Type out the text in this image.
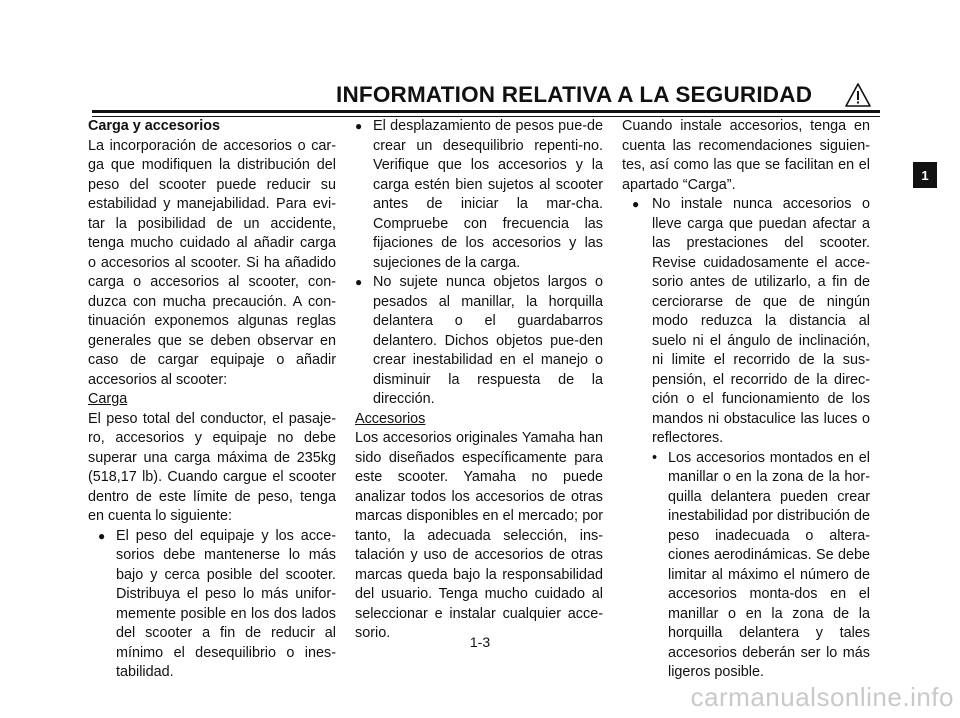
INFORMATION RELATIVA A LA SEGURIDAD
1

Carga y accesorios

La incorporación de accesorios o car-ga que modifiquen la distribución del peso del scooter puede reducir su estabilidad y manejabilidad. Para evi-tar la posibilidad de un accidente, tenga mucho cuidado al añadir carga o accesorios al scooter. Si ha añadido carga o accesorios al scooter, con-duzca con mucha precaución. A con-tinuación exponemos algunas reglas generales que se deben observar en caso de cargar equipaje o añadir accesorios al scooter:

Carga

El peso total del conductor, el pasaje-ro, accesorios y equipaje no debe superar una carga máxima de 235kg (518,17 lb). Cuando cargue el scooter dentro de este límite de peso, tenga en cuenta lo siguiente:

● El peso del equipaje y los acce-sorios debe mantenerse lo más bajo y cerca posible del scooter. Distribuya el peso lo más unifor-memente posible en los dos lados del scooter a fin de reducir al mínimo el desequilibrio o ines-tabilidad.
● El desplazamiento de pesos pue-de crear un desequilibrio repenti-no. Verifique que los accesorios y la carga estén bien sujetos al scooter antes de iniciar la mar-cha. Compruebe con frecuencia las fijaciones de los accesorios y las sujeciones de la carga.
● No sujete nunca objetos largos o pesados al manillar, la horquilla delantera o el guardabarros delantero. Dichos objetos pue-den crear inestabilidad en el manejo o disminuir la respuesta de la dirección.

Accesorios

Los accesorios originales Yamaha han sido diseñados específicamente para este scooter. Yamaha no puede analizar todos los accesorios de otras marcas disponibles en el mercado; por tanto, la adecuada selección, ins-talación y uso de accesorios de otras marcas queda bajo la responsabilidad del usuario. Tenga mucho cuidado al seleccionar e instalar cualquier acce-sorio.

Cuando instale accesorios, tenga en cuenta las recomendaciones siguien-tes, así como las que se facilitan en el apartado “Carga”.

● No instale nunca accesorios o lleve carga que puedan afectar a las prestaciones del scooter. Revise cuidadosamente el acce-sorio antes de utilizarlo, a fin de cerciorarse de que de ningún modo reduzca la distancia al suelo ni el ángulo de inclinación, ni limite el recorrido de la sus-pensión, el recorrido de la direc-ción o el funcionamiento de los mandos ni obstaculice las luces o reflectores.
• Los accesorios montados en el manillar o en la zona de la hor-quilla delantera pueden crear inestabilidad por distribución de peso inadecuada o altera-ciones aerodinámicas. Se debe limitar al máximo el número de accesorios monta-dos en el manillar o en la zona de la horquilla delantera y tales accesorios deberán ser lo más ligeros posible.
1-3
carmanualsonline.info
